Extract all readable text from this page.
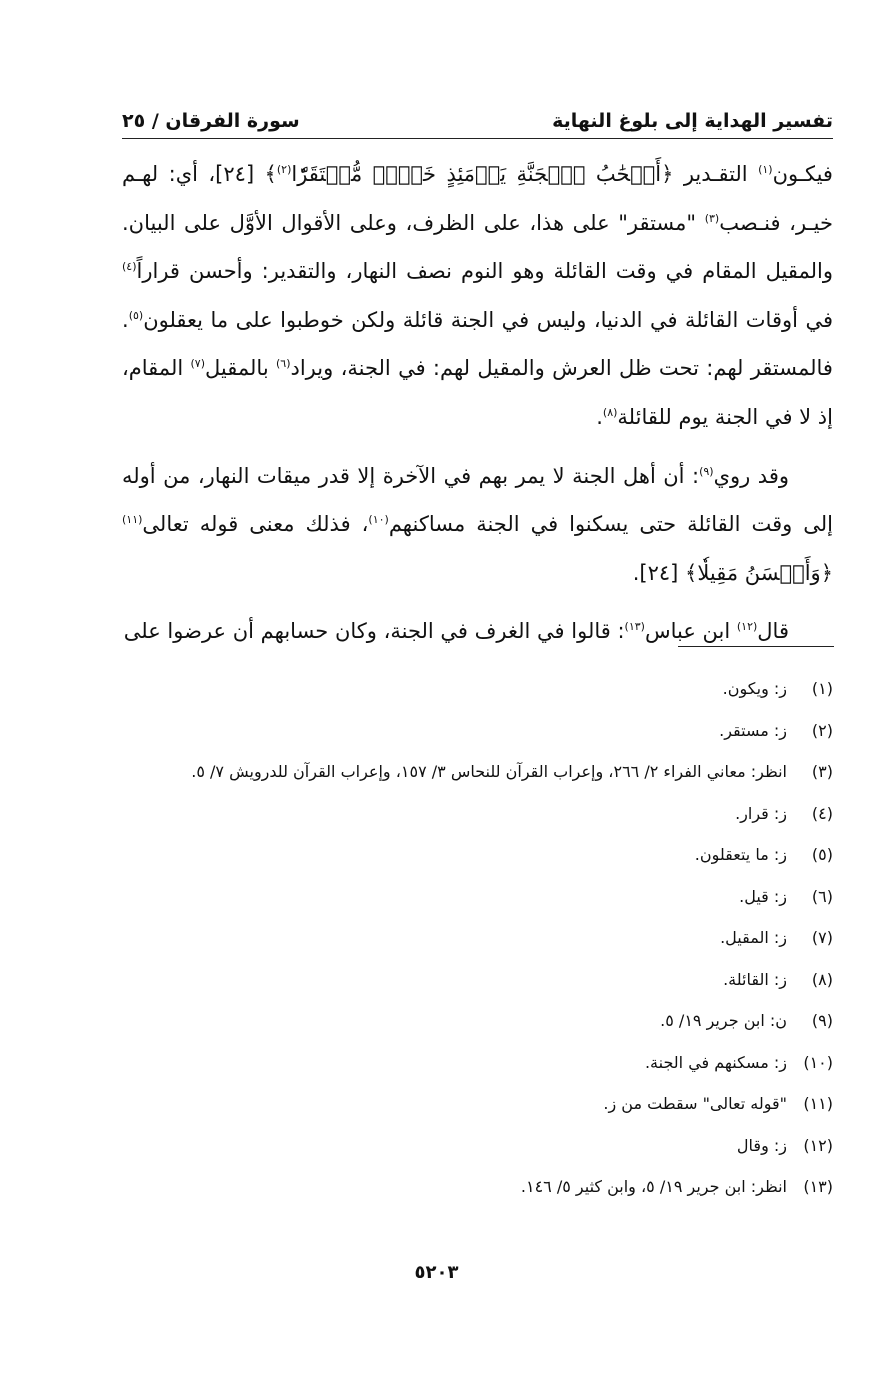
تفسير الهداية إلى بلوغ النهاية
سورة الفرقان / ٢٥

فيكـون$^{(١)}$ التقـدير ﴿أَصۡحَٰبُ ٱلۡجَنَّةِ يَوۡمَئِذٍ خَيۡرٞ مُّسۡتَقَرّٗا$^{(٢)}$﴾ [٢٤]، أي: لهـم خيـر، فنـصب$^{(٣)}$ "مستقر" على هذا، على الظرف، وعلى الأقوال الأوَّل على البيان. والمقيل المقام في وقت القائلة وهو النوم نصف النهار، والتقدير: وأحسن قراراً$^{(٤)}$ في أوقات القائلة في الدنيا، وليس في الجنة قائلة ولكن خوطبوا على ما يعقلون$^{(٥)}$. فالمستقر لهم: تحت ظل العرش والمقيل لهم: في الجنة، ويراد$^{(٦)}$ بالمقيل$^{(٧)}$ المقام، إذ لا في الجنة يوم للقائلة$^{(٨)}$.

وقد روي$^{(٩)}$: أن أهل الجنة لا يمر بهم في الآخرة إلا قدر ميقات النهار، من أوله إلى وقت القائلة حتى يسكنوا في الجنة مساكنهم$^{(١٠)}$، فذلك معنى قوله تعالى$^{(١١)}$ ﴿وَأَحۡسَنُ مَقِيلٗا﴾ [٢٤].

قال$^{(١٢)}$ ابن عباس$^{(١٣)}$: قالوا في الغرف في الجنة، وكان حسابهم أن عرضوا على

(١)
ز: ويكون.
(٢)
ز: مستقر.
(٣)
انظر: معاني الفراء ٢/ ٢٦٦، وإعراب القرآن للنحاس ٣/ ١٥٧، وإعراب القرآن للدرويش ٧/ ٥.
(٤)
ز: قرار.
(٥)
ز: ما يتعقلون.
(٦)
ز: قيل.
(٧)
ز: المقيل.
(٨)
ز: القائلة.
(٩)
ن: ابن جرير ١٩/ ٥.
(١٠)
ز: مسكنهم في الجنة.
(١١)
"قوله تعالى" سقطت من ز.
(١٢)
ز: وقال
(١٣)
انظر: ابن جرير ١٩/ ٥، وابن كثير ٥/ ١٤٦.
٥٢٠٣
